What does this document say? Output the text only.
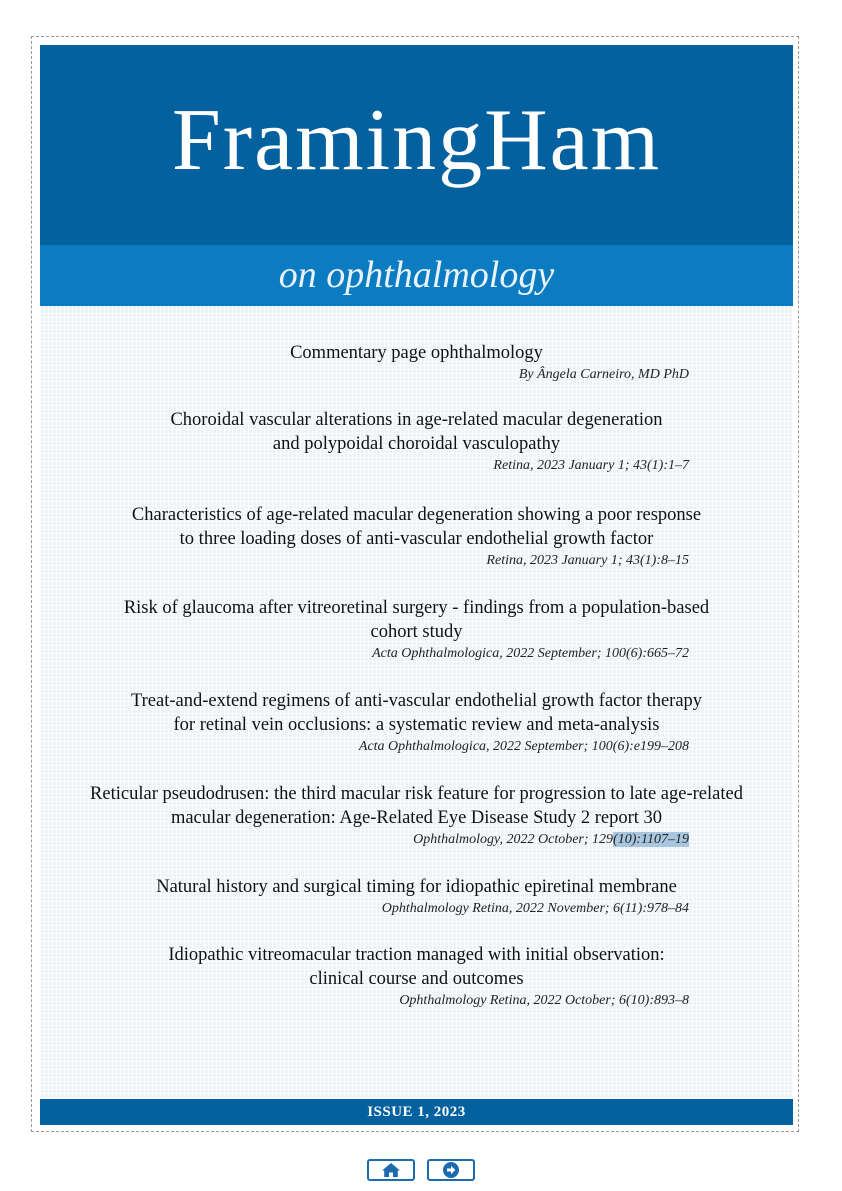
FramingHam
on ophthalmology
Commentary page ophthalmology
By Ângela Carneiro, MD PhD
Choroidal vascular alterations in age-related macular degeneration
and polypoidal choroidal vasculopathy
Retina, 2023 January 1; 43(1):1–7
Characteristics of age-related macular degeneration showing a poor response
to three loading doses of anti-vascular endothelial growth factor
Retina, 2023 January 1; 43(1):8–15
Risk of glaucoma after vitreoretinal surgery - findings from a population-based
cohort study
Acta Ophthalmologica, 2022 September; 100(6):665–72
Treat-and-extend regimens of anti-vascular endothelial growth factor therapy
for retinal vein occlusions: a systematic review and meta-analysis
Acta Ophthalmologica, 2022 September; 100(6):e199–208
Reticular pseudodrusen: the third macular risk feature for progression to late age-related
macular degeneration: Age-Related Eye Disease Study 2 report 30
Ophthalmology, 2022 October; 129(10):1107–19
Natural history and surgical timing for idiopathic epiretinal membrane
Ophthalmology Retina, 2022 November; 6(11):978–84
Idiopathic vitreomacular traction managed with initial observation:
clinical course and outcomes
Ophthalmology Retina, 2022 October; 6(10):893–8
ISSUE 1, 2023
